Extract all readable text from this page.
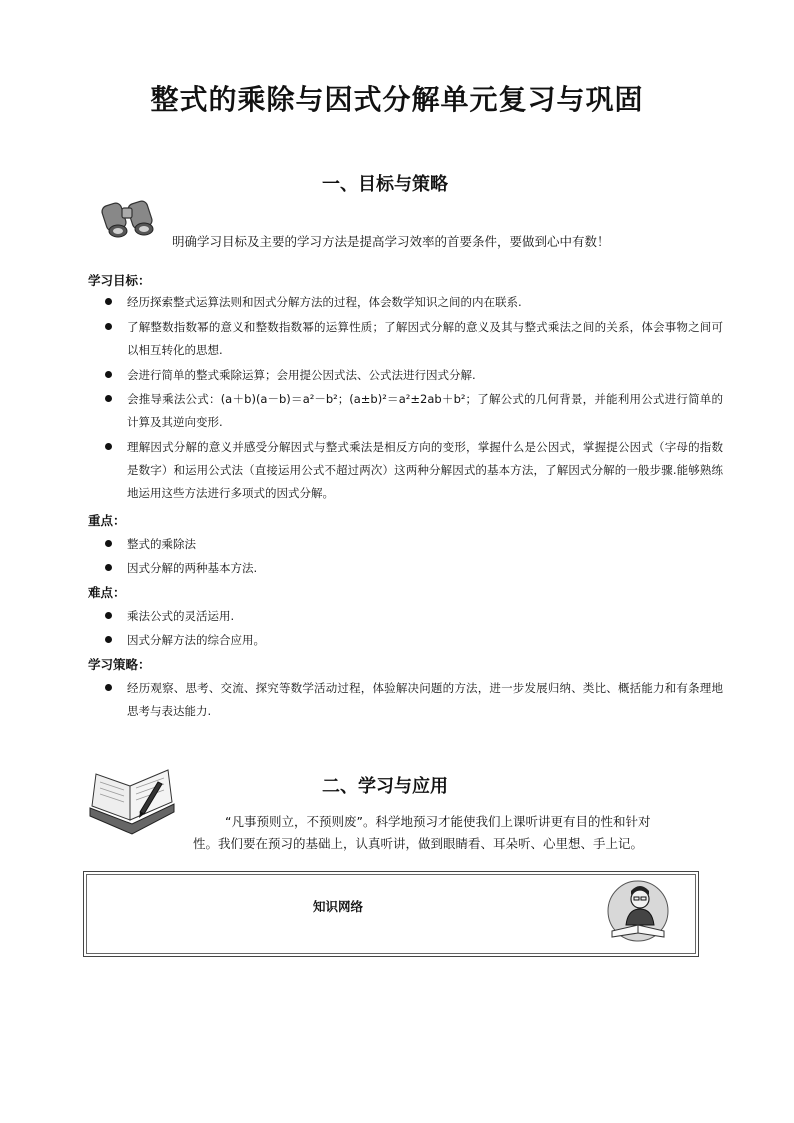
整式的乘除与因式分解单元复习与巩固
一、目标与策略
明确学习目标及主要的学习方法是提高学习效率的首要条件，要做到心中有数！
学习目标：
经历探索整式运算法则和因式分解方法的过程，体会数学知识之间的内在联系.
了解整数指数幂的意义和整数指数幂的运算性质；了解因式分解的意义及其与整式乘法之间的关系，体会事物之间可以相互转化的思想.
会进行简单的整式乘除运算；会用提公因式法、公式法进行因式分解.
会推导乘法公式：(a＋b)(a－b)＝a²－b²；(a±b)²＝a²±2ab＋b²；了解公式的几何背景，并能利用公式进行简单的计算及其逆向变形.
理解因式分解的意义并感受分解因式与整式乘法是相反方向的变形，掌握什么是公因式，掌握提公因式（字母的指数是数字）和运用公式法（直接运用公式不超过两次）这两种分解因式的基本方法，了解因式分解的一般步骤.能够熟练地运用这些方法进行多项式的因式分解。
重点：
整式的乘除法
因式分解的两种基本方法.
难点：
乘法公式的灵活运用.
因式分解方法的综合应用。
学习策略：
经历观察、思考、交流、探究等数学活动过程，体验解决问题的方法，进一步发展归纳、类比、概括能力和有条理地思考与表达能力.
二、学习与应用
“凡事预则立，不预则废”。科学地预习才能使我们上课听讲更有目的性和针对
性。我们要在预习的基础上，认真听讲，做到眼睛看、耳朵听、心里想、手上记。
知识网络
